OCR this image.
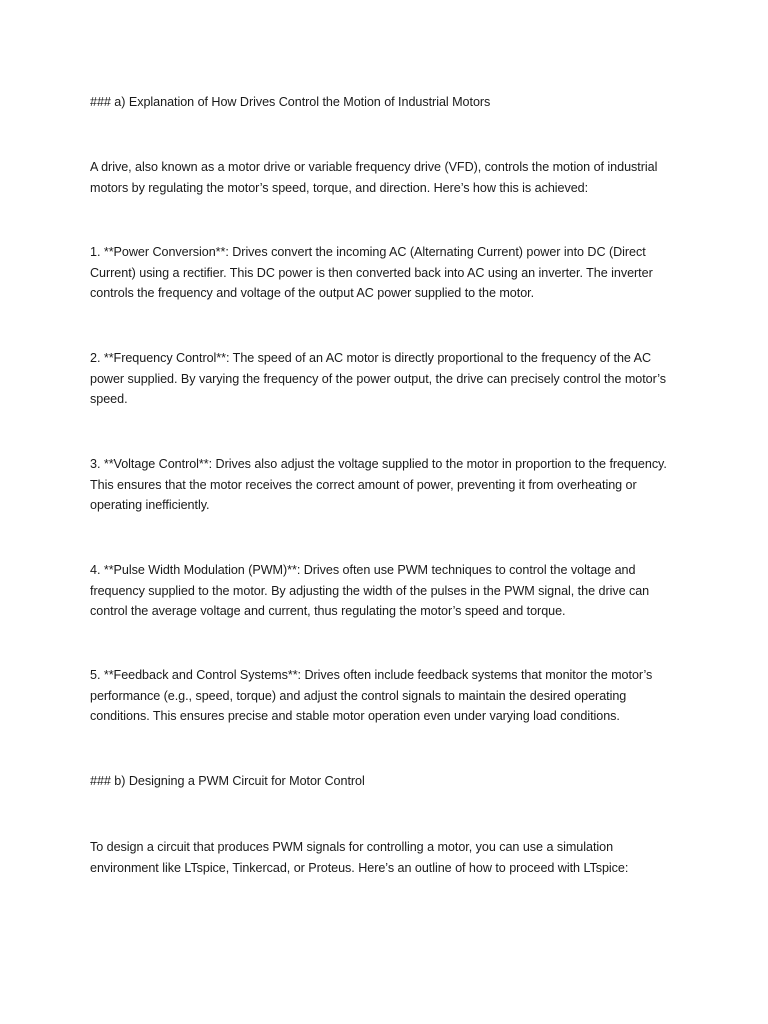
### a) Explanation of How Drives Control the Motion of Industrial Motors

A drive, also known as a motor drive or variable frequency drive (VFD), controls the motion of industrial motors by regulating the motor’s speed, torque, and direction. Here’s how this is achieved:

1. **Power Conversion**: Drives convert the incoming AC (Alternating Current) power into DC (Direct Current) using a rectifier. This DC power is then converted back into AC using an inverter. The inverter controls the frequency and voltage of the output AC power supplied to the motor.

2. **Frequency Control**: The speed of an AC motor is directly proportional to the frequency of the AC power supplied. By varying the frequency of the power output, the drive can precisely control the motor’s speed.

3. **Voltage Control**: Drives also adjust the voltage supplied to the motor in proportion to the frequency. This ensures that the motor receives the correct amount of power, preventing it from overheating or operating inefficiently.

4. **Pulse Width Modulation (PWM)**: Drives often use PWM techniques to control the voltage and frequency supplied to the motor. By adjusting the width of the pulses in the PWM signal, the drive can control the average voltage and current, thus regulating the motor’s speed and torque.

5. **Feedback and Control Systems**: Drives often include feedback systems that monitor the motor’s performance (e.g., speed, torque) and adjust the control signals to maintain the desired operating conditions. This ensures precise and stable motor operation even under varying load conditions.

### b) Designing a PWM Circuit for Motor Control

To design a circuit that produces PWM signals for controlling a motor, you can use a simulation environment like LTspice, Tinkercad, or Proteus. Here’s an outline of how to proceed with LTspice:
